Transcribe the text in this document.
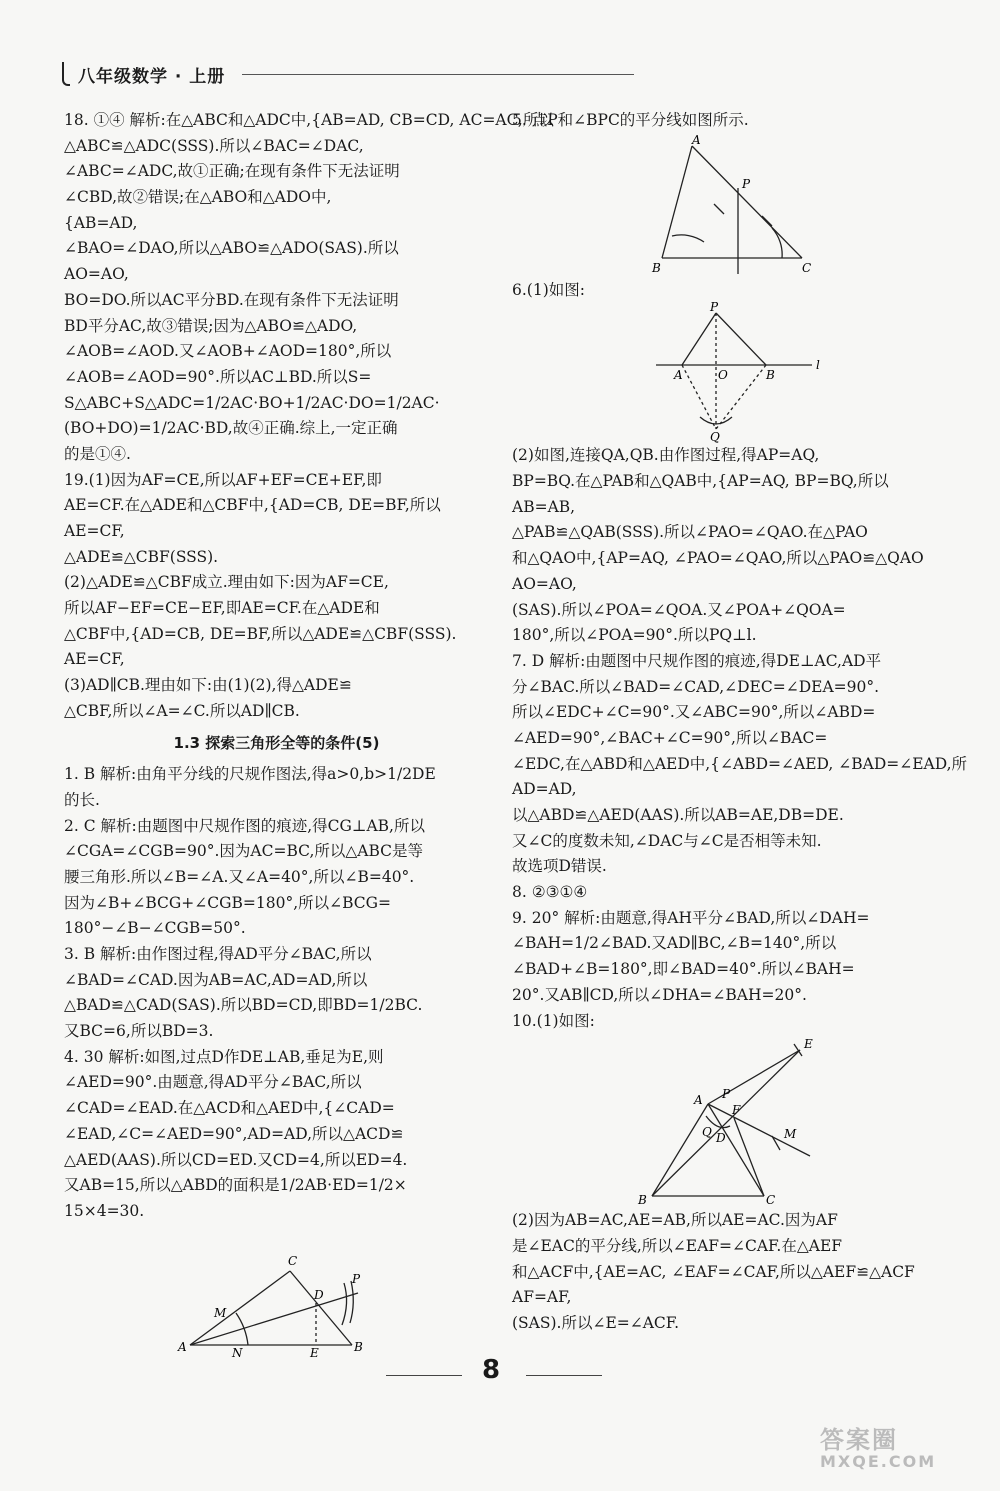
八年级数学 · 上册
18. ①④ 解析:在△ABC和△ADC中,{AB=AD, CB=CD, AC=AC,所以
△ABC≌△ADC(SSS).所以∠BAC=∠DAC,
∠ABC=∠ADC,故①正确;在现有条件下无法证明
∠CBD,故②错误;在△ABO和△ADO中,
{AB=AD,
∠BAO=∠DAO,所以△ABO≌△ADO(SAS).所以
AO=AO,
BO=DO.所以AC平分BD.在现有条件下无法证明
BD平分AC,故③错误;因为△ABO≌△ADO,
∠AOB=∠AOD.又∠AOB+∠AOD=180°,所以
∠AOB=∠AOD=90°.所以AC⊥BD.所以S=
S△ABC+S△ADC=1/2AC·BO+1/2AC·DO=1/2AC·
(BO+DO)=1/2AC·BD,故④正确.综上,一定正确
的是①④.
19.(1)因为AF=CE,所以AF+EF=CE+EF,即
AE=CF.在△ADE和△CBF中,{AD=CB, DE=BF,所以
AE=CF,
△ADE≌△CBF(SSS).
(2)△ADE≌△CBF成立.理由如下:因为AF=CE,
所以AF−EF=CE−EF,即AE=CF.在△ADE和
△CBF中,{AD=CB, DE=BF,所以△ADE≌△CBF(SSS).
AE=CF,
(3)AD∥CB.理由如下:由(1)(2),得△ADE≌
△CBF,所以∠A=∠C.所以AD∥CB.
1.3 探索三角形全等的条件(5)
1. B 解析:由角平分线的尺规作图法,得a>0,b>1/2DE
的长.
2. C 解析:由题图中尺规作图的痕迹,得CG⊥AB,所以
∠CGA=∠CGB=90°.因为AC=BC,所以△ABC是等
腰三角形.所以∠B=∠A.又∠A=40°,所以∠B=40°.
因为∠B+∠BCG+∠CGB=180°,所以∠BCG=
180°−∠B−∠CGB=50°.
3. B 解析:由作图过程,得AD平分∠BAC,所以
∠BAD=∠CAD.因为AB=AC,AD=AD,所以
△BAD≌△CAD(SAS).所以BD=CD,即BD=1/2BC.
又BC=6,所以BD=3.
4. 30 解析:如图,过点D作DE⊥AB,垂足为E,则
∠AED=90°.由题意,得AD平分∠BAC,所以
∠CAD=∠EAD.在△ACD和△AED中,{∠CAD=
∠EAD,∠C=∠AED=90°,AD=AD,所以△ACD≌
△AED(AAS).所以CD=ED.又CD=4,所以ED=4.
又AB=15,所以△ABD的面积是1/2AB·ED=1/2×
15×4=30.
C
P
M
D
A	N	E	B
5. 点P和∠BPC的平分线如图所示.
A
P
B	C
6.(1)如图:
P
A	O	B
l
Q
(2)如图,连接QA,QB.由作图过程,得AP=AQ,
BP=BQ.在△PAB和△QAB中,{AP=AQ, BP=BQ,所以
AB=AB,
△PAB≌△QAB(SSS).所以∠PAO=∠QAO.在△PAO
和△QAO中,{AP=AQ, ∠PAO=∠QAO,所以△PAO≌△QAO
AO=AO,
(SAS).所以∠POA=∠QOA.又∠POA+∠QOA=
180°,所以∠POA=90°.所以PQ⊥l.
7. D 解析:由题图中尺规作图的痕迹,得DE⊥AC,AD平
分∠BAC.所以∠BAD=∠CAD,∠DEC=∠DEA=90°.
所以∠EDC+∠C=90°.又∠ABC=90°,所以∠ABD=
∠AED=90°,∠BAC+∠C=90°,所以∠BAC=
∠EDC,在△ABD和△AED中,{∠ABD=∠AED, ∠BAD=∠EAD,所
AD=AD,
以△ABD≌△AED(AAS).所以AB=AE,DB=DE.
又∠C的度数未知,∠DAC与∠C是否相等未知.
故选项D错误.
8. ②③①④
9. 20° 解析:由题意,得AH平分∠BAD,所以∠DAH=
∠BAH=1/2∠BAD.又AD∥BC,∠B=140°,所以
∠BAD+∠B=180°,即∠BAD=40°.所以∠BAH=
20°.又AB∥CD,所以∠DHA=∠BAH=20°.
10.(1)如图:
E
A P
F
M
Q D
B	C
(2)因为AB=AC,AE=AB,所以AE=AC.因为AF
是∠EAC的平分线,所以∠EAF=∠CAF.在△AEF
和△ACF中,{AE=AC, ∠EAF=∠CAF,所以△AEF≌△ACF
AF=AF,
(SAS).所以∠E=∠ACF.
8
答案圈
MXQE.COM
